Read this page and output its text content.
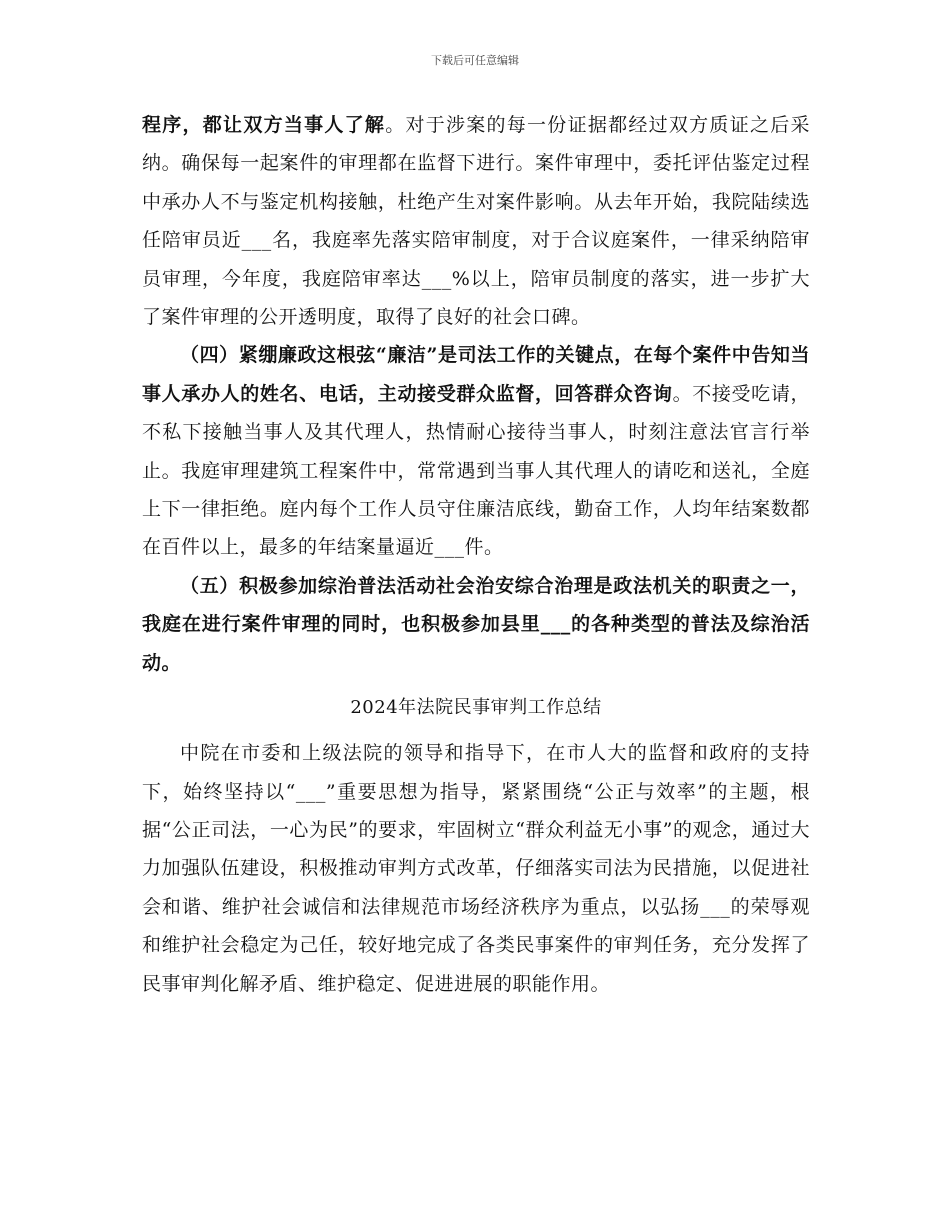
下载后可任意编辑

程序，都让双方当事人了解。对于涉案的每一份证据都经过双方质证之后采纳。确保每一起案件的审理都在监督下进行。案件审理中，委托评估鉴定过程中承办人不与鉴定机构接触，杜绝产生对案件影响。从去年开始，我院陆续选任陪审员近___名，我庭率先落实陪审制度，对于合议庭案件，一律采纳陪审员审理，今年度，我庭陪审率达___%以上，陪审员制度的落实，进一步扩大了案件审理的公开透明度，取得了良好的社会口碑。

（四）紧绷廉政这根弦“廉洁”是司法工作的关键点，在每个案件中告知当事人承办人的姓名、电话，主动接受群众监督，回答群众咨询。不接受吃请，不私下接触当事人及其代理人，热情耐心接待当事人，时刻注意法官言行举止。我庭审理建筑工程案件中，常常遇到当事人其代理人的请吃和送礼，全庭上下一律拒绝。庭内每个工作人员守住廉洁底线，勤奋工作，人均年结案数都在百件以上，最多的年结案量逼近___件。

（五）积极参加综治普法活动社会治安综合治理是政法机关的职责之一，我庭在进行案件审理的同时，也积极参加县里___的各种类型的普法及综治活动。

2024年法院民事审判工作总结

中院在市委和上级法院的领导和指导下，在市人大的监督和政府的支持下，始终坚持以“___”重要思想为指导，紧紧围绕“公正与效率”的主题，根据“公正司法，一心为民”的要求，牢固树立“群众利益无小事”的观念，通过大力加强队伍建设，积极推动审判方式改革，仔细落实司法为民措施，以促进社会和谐、维护社会诚信和法律规范市场经济秩序为重点，以弘扬___的荣辱观和维护社会稳定为己任，较好地完成了各类民事案件的审判任务，充分发挥了民事审判化解矛盾、维护稳定、促进进展的职能作用。
